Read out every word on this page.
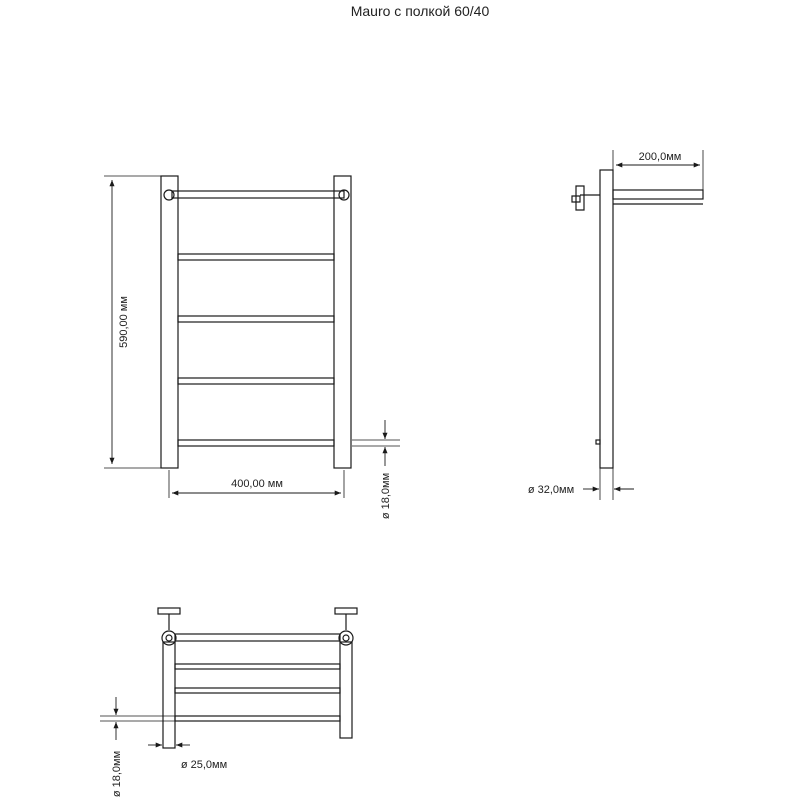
Mauro с полкой 60/40
590,00 мм
400,00 мм	ø 18,0мм
200,0мм
ø 32,0мм
ø 18,0мм	ø 25,0мм
